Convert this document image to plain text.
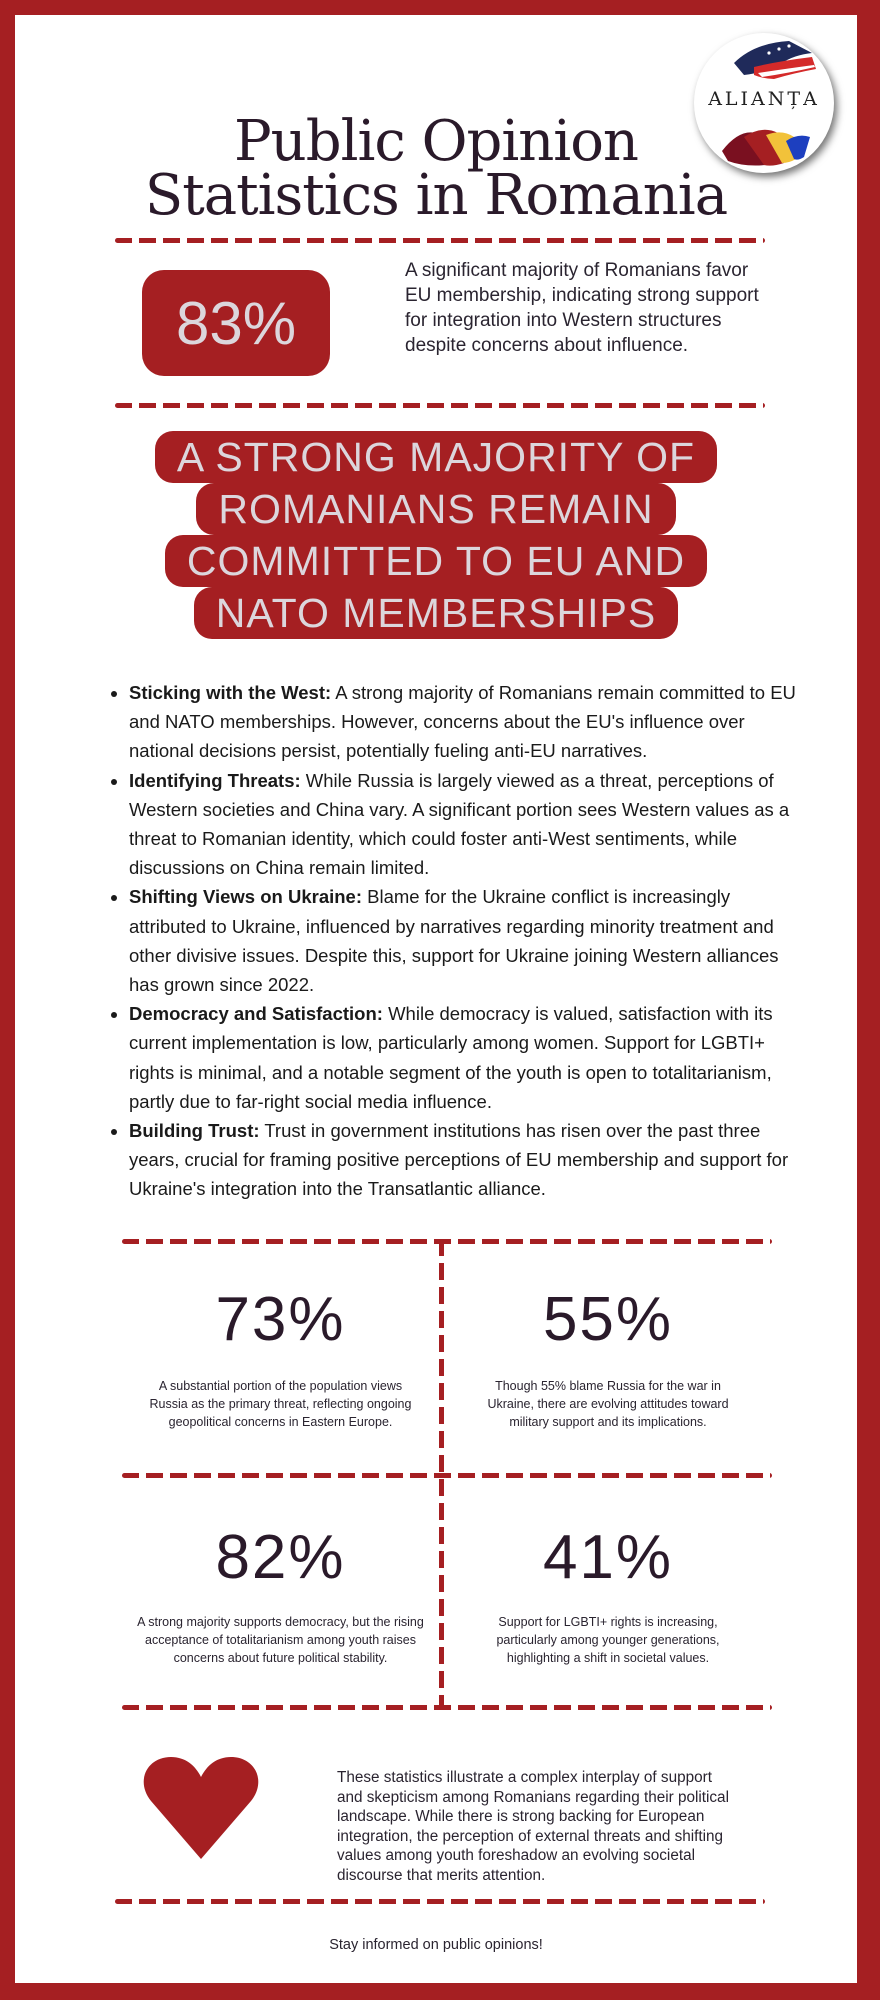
ALIANȚA
Public Opinion
Statistics in Romania
83%
A significant majority of Romanians favor EU membership, indicating strong support for integration into Western structures despite concerns about influence.
A STRONG MAJORITY OF
ROMANIANS REMAIN
COMMITTED TO EU AND
NATO MEMBERSHIPS
• Sticking with the West: A strong majority of Romanians remain committed to EU and NATO memberships. However, concerns about the EU's influence over national decisions persist, potentially fueling anti-EU narratives.
• Identifying Threats: While Russia is largely viewed as a threat, perceptions of Western societies and China vary. A significant portion sees Western values as a threat to Romanian identity, which could foster anti-West sentiments, while discussions on China remain limited.
• Shifting Views on Ukraine: Blame for the Ukraine conflict is increasingly attributed to Ukraine, influenced by narratives regarding minority treatment and other divisive issues. Despite this, support for Ukraine joining Western alliances has grown since 2022.
• Democracy and Satisfaction: While democracy is valued, satisfaction with its current implementation is low, particularly among women. Support for LGBTI+ rights is minimal, and a notable segment of the youth is open to totalitarianism, partly due to far-right social media influence.
• Building Trust: Trust in government institutions has risen over the past three years, crucial for framing positive perceptions of EU membership and support for Ukraine's integration into the Transatlantic alliance.
73%
A substantial portion of the population views Russia as the primary threat, reflecting ongoing geopolitical concerns in Eastern Europe.
55%
Though 55% blame Russia for the war in Ukraine, there are evolving attitudes toward military support and its implications.
82%
A strong majority supports democracy, but the rising acceptance of totalitarianism among youth raises concerns about future political stability.
41%
Support for LGBTI+ rights is increasing, particularly among younger generations, highlighting a shift in societal values.
These statistics illustrate a complex interplay of support and skepticism among Romanians regarding their political landscape. While there is strong backing for European integration, the perception of external threats and shifting values among youth foreshadow an evolving societal discourse that merits attention.
Stay informed on public opinions!
